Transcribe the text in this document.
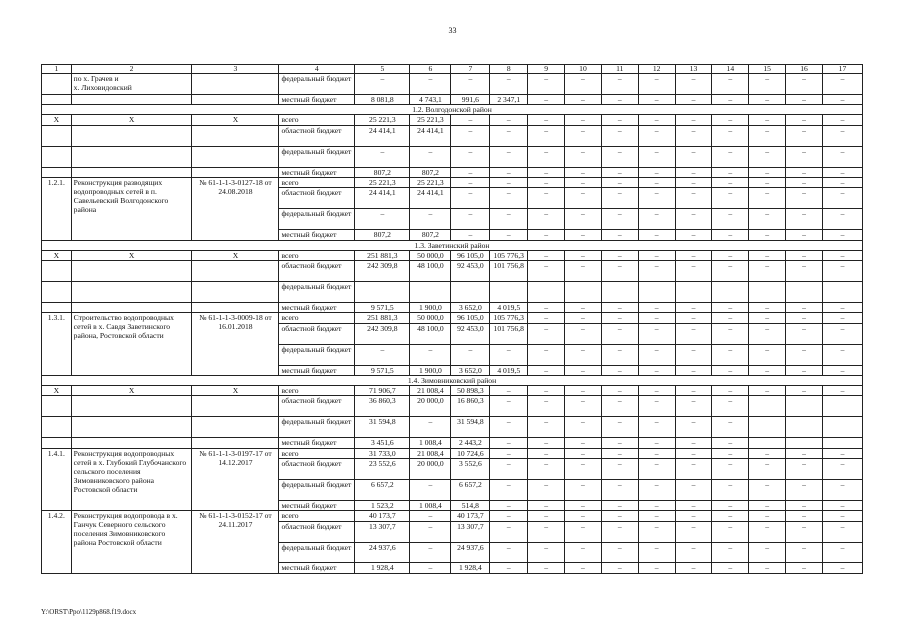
33
1	2	3	4	5	6	7	8	9	10	11	12	13	14	15	16	17
	по х. Грачев и
х. Лиховидовский		федеральный бюджет	–	–	–	–	–	–	–	–	–	–	–	–	–
			местный бюджет	8 081,8	4 743,1	991,6	2 347,1	–	–	–	–	–	–	–	–	–
1.2. Волгодонской район																
X	X	X	всего	25 221,3	25 221,3	–	–	–	–	–	–	–	–	–	–	–
			областной бюджет	24 414,1	24 414,1	–	–	–	–	–	–	–	–	–	–	–
			федеральный бюджет	–	–	–	–	–	–	–	–	–	–	–	–	–
			местный бюджет	807,2	807,2	–	–	–	–	–	–	–	–	–	–	–
1.2.1.	Реконструкция разводящих водопроводных сетей в п. Савельевский Волгодонского района	№ 61-1-1-3-0127-18 от 24.08.2018	всего	25 221,3	25 221,3	–	–	–	–	–	–	–	–	–	–	–
			областной бюджет	24 414,1	24 414,1	–	–	–	–	–	–	–	–	–	–	–
			федеральный бюджет	–	–	–	–	–	–	–	–	–	–	–	–	–
			местный бюджет	807,2	807,2	–	–	–	–	–	–	–	–	–	–	–
1.3. Заветинский район																
X	X	X	всего	251 881,3	50 000,0	96 105,0	105 776,3	–	–	–	–	–	–	–	–	–
			областной бюджет	242 309,8	48 100,0	92 453,0	101 756,8	–	–	–	–	–	–	–	–	–
			федеральный бюджет													
			местный бюджет	9 571,5	1 900,0	3 652,0	4 019,5	–	–	–	–	–	–	–	–	–
1.3.1.	Строительство водопроводных сетей в х. Савдя Заветинского района, Ростовской области	№ 61-1-1-3-0009-18 от 16.01.2018	всего	251 881,3	50 000,0	96 105,0	105 776,3	–	–	–	–	–	–	–	–	–
			областной бюджет	242 309,8	48 100,0	92 453,0	101 756,8	–	–	–	–	–	–	–	–	–
			федеральный бюджет	–	–	–	–	–	–	–	–	–	–	–	–	–
			местный бюджет	9 571,5	1 900,0	3 652,0	4 019,5	–	–	–	–	–	–	–	–	–
1.4. Зимовниковский район																
X	X	X	всего	71 906,7	21 008,4	50 898,3	–	–	–	–	–	–	–	–	–	–
			областной бюджет	36 860,3	20 000,0	16 860,3	–	–	–	–	–	–	–			
			федеральный бюджет	31 594,8	–	31 594,8	–	–	–	–	–	–	–			
			местный бюджет	3 451,6	1 008,4	2 443,2	–	–	–	–	–	–	–			
1.4.1.	Реконструкция водопроводных сетей в х. Глубокий Глубочанского сельского поселения Зимовниковского района Ростовской области	№ 61-1-1-3-0197-17 от 14.12.2017	всего	31 733,0	21 008,4	10 724,6	–	–	–	–	–	–	–	–	–	–
			областной бюджет	23 552,6	20 000,0	3 552,6	–	–	–	–	–	–	–	–	–	–
			федеральный бюджет	6 657,2	–	6 657,2	–	–	–	–	–	–	–	–	–	–
			местный бюджет	1 523,2	1 008,4	514,8	–	–	–	–	–	–	–	–	–	–
1.4.2.	Реконструкция водопровода в х. Ганчук Северного сельского поселения Зимовниковского района Ростовской области	№ 61-1-1-3-0152-17 от 24.11.2017	всего	40 173,7	–	40 173,7	–	–	–	–	–	–	–	–	–	–
			областной бюджет	13 307,7	–	13 307,7	–	–	–	–	–	–	–	–	–	–
			федеральный бюджет	24 937,6	–	24 937,6	–	–	–	–	–	–	–	–	–	–
			местный бюджет	1 928,4	–	1 928,4	–	–	–	–	–	–	–	–	–	–
Y:\ORST\Ppo\1129p868.f19.docx
